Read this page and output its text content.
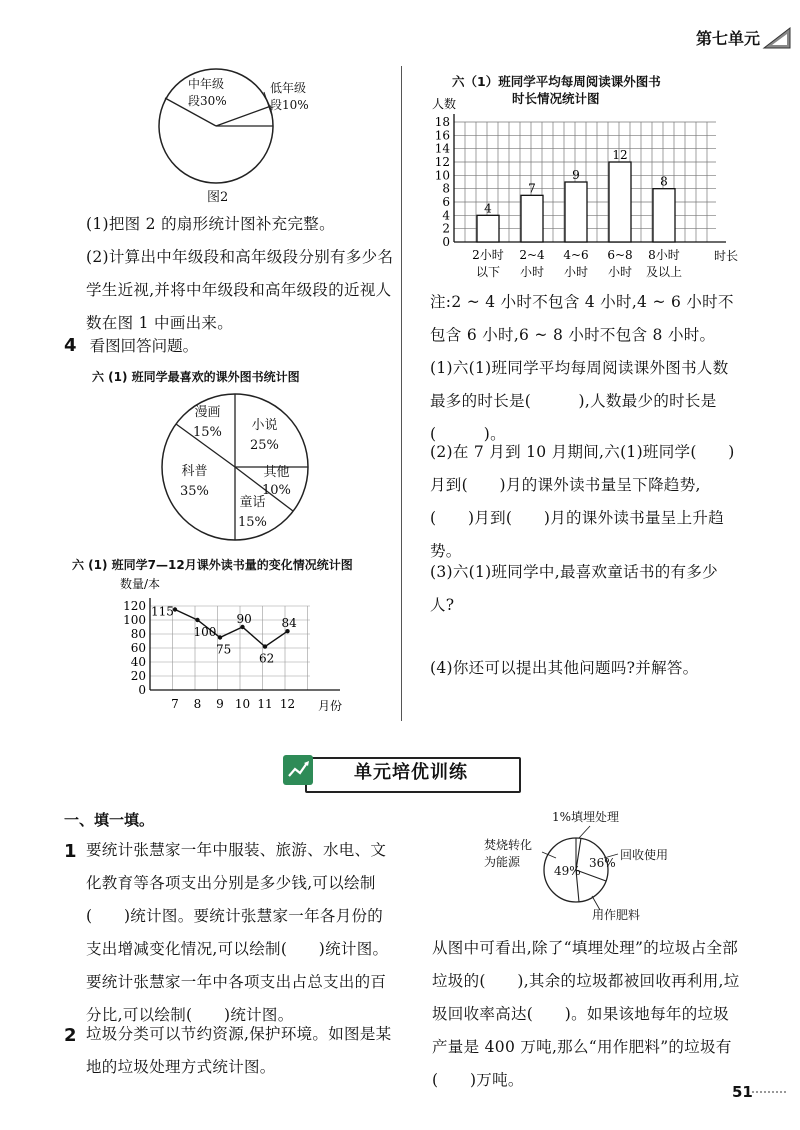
第七单元
中年级
段30%
低年级
段10%
图2

(1)把图 2 的扇形统计图补充完整。

(2)计算出中年级段和高年级段分别有多少名学生近视,并将中年级段和高年级段的近视人数在图 1 中画出来。

4 看图回答问题。
六 (1) 班同学最喜欢的课外图书统计图
漫画
15% 小说
25%
其他
10%
童话
15%
科普
35%
六 (1) 班同学7—12月课外读书量的变化情况统计图
0
20
40
60
80
100
120
数量/本
月份
115
7
100
8
75
9
90
10
62
11
84
12
六（1）班同学平均每周阅读课外图书
时长情况统计图
0
2
4
6
8
10
12
14
16
18
人数
时长
4
2小时
以下
7
2~4
小时
9
4~6
小时
12
6~8
小时
8
8小时
及以上

注:2 ~ 4 小时不包含 4 小时,4 ~ 6 小时不包含 6 小时,6 ~ 8 小时不包含 8 小时。

(1)六(1)班同学平均每周阅读课外图书人数最多的时长是(　　　),人数最少的时长是(　　　)。

(2)在 7 月到 10 月期间,六(1)班同学(　　)月到(　　)月的课外读书量呈下降趋势,(　　)月到(　　)月的课外读书量呈上升趋势。

(3)六(1)班同学中,最喜欢童话书的有多少人?

(4)你还可以提出其他问题吗?并解答。

单元培优训练
一、填一填。
1 要统计张慧家一年中服装、旅游、水电、文化教育等各项支出分别是多少钱,可以绘制(　　)统计图。要统计张慧家一年各月份的支出增减变化情况,可以绘制(　　)统计图。要统计张慧家一年中各项支出占总支出的百分比,可以绘制(　　)统计图。

2 垃圾分类可以节约资源,保护环境。如图是某地的垃圾处理方式统计图。

1%填埋处理
焚烧转化
为能源
49%
36%
回收使用
用作肥料

从图中可看出,除了“填埋处理”的垃圾占全部垃圾的(　　),其余的垃圾都被回收再利用,垃圾回收率高达(　　)。如果该地每年的垃圾产量是 400 万吨,那么“用作肥料”的垃圾有(　　)万吨。

51
